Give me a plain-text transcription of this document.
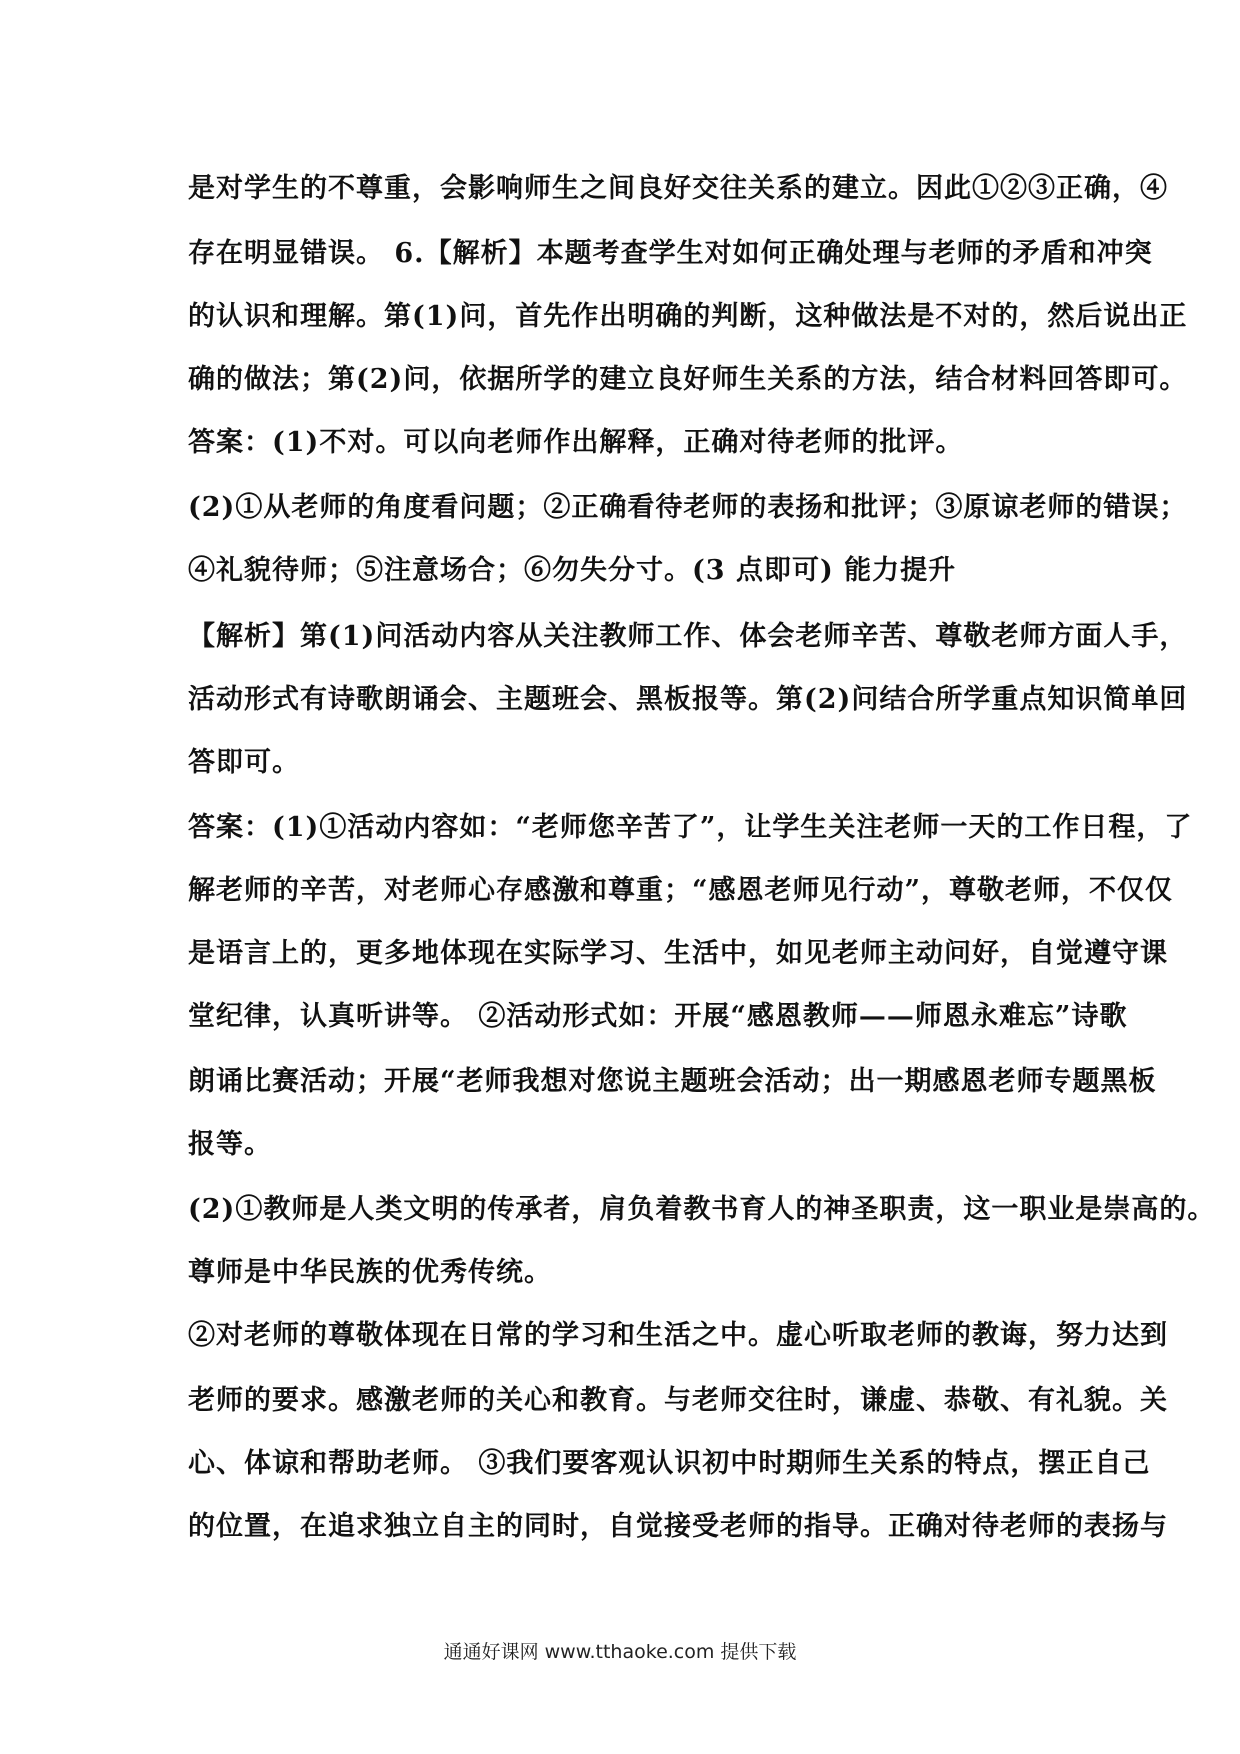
是对学生的不尊重，会影响师生之间良好交往关系的建立。因此①②③正确，④
存在明显错误。 6.【解析】本题考查学生对如何正确处理与老师的矛盾和冲突
的认识和理解。第(1)问，首先作出明确的判断，这种做法是不对的，然后说出正
确的做法；第(2)问，依据所学的建立良好师生关系的方法，结合材料回答即可。
答案：(1)不对。可以向老师作出解释，正确对待老师的批评。
(2)①从老师的角度看问题；②正确看待老师的表扬和批评；③原谅老师的错误；
④礼貌待师；⑤注意场合；⑥勿失分寸。(3 点即可) 能力提升
【解析】第(1)问活动内容从关注教师工作、体会老师辛苦、尊敬老师方面人手，
活动形式有诗歌朗诵会、主题班会、黑板报等。第(2)问结合所学重点知识简单回
答即可。
答案：(1)①活动内容如：“老师您辛苦了”，让学生关注老师一天的工作日程，了
解老师的辛苦，对老师心存感激和尊重；“感恩老师见行动”，尊敬老师，不仅仅
是语言上的，更多地体现在实际学习、生活中，如见老师主动问好，自觉遵守课
堂纪律，认真听讲等。 ②活动形式如：开展“感恩教师——师恩永难忘”诗歌
朗诵比赛活动；开展“老师我想对您说主题班会活动；出一期感恩老师专题黑板
报等。
(2)①教师是人类文明的传承者，肩负着教书育人的神圣职责，这一职业是崇高的。
尊师是中华民族的优秀传统。
②对老师的尊敬体现在日常的学习和生活之中。虚心听取老师的教诲，努力达到
老师的要求。感激老师的关心和教育。与老师交往时，谦虚、恭敬、有礼貌。关
心、体谅和帮助老师。 ③我们要客观认识初中时期师生关系的特点，摆正自己
的位置，在追求独立自主的同时，自觉接受老师的指导。正确对待老师的表扬与
通通好课网 www.tthaoke.com 提供下载
